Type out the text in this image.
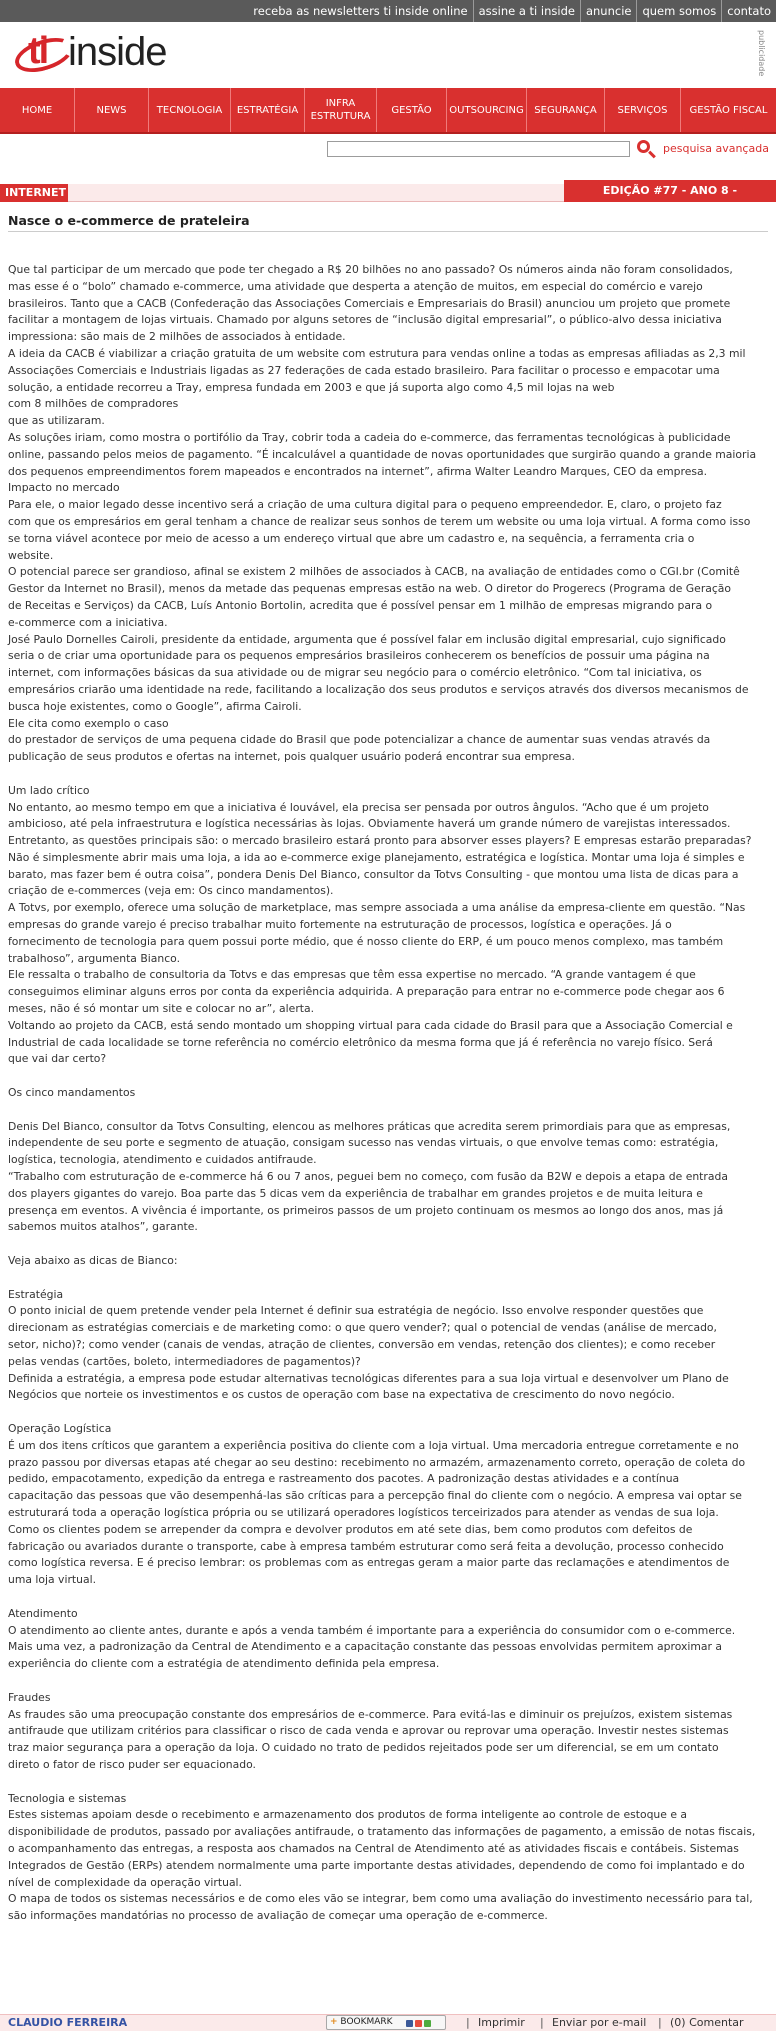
receba as newsletters ti inside online assine a ti inside anuncie quem somos contato
ti inside	publicidade
HOME	NEWS	TECNOLOGIA	ESTRATÉGIA
INFRA ESTRUTURA
GESTÃO	OUTSOURCING	SEGURANÇA	SERVIÇOS	GESTÃO FISCAL
pesquisa avançada
INTERNET	EDIÇÃO #77 - ANO 8 - MARÇO/2012
Nasce o e-commerce de prateleira

Que tal participar de um mercado que pode ter chegado a R$ 20 bilhões no ano passado? Os números ainda não foram consolidados,

mas esse é o “bolo” chamado e-commerce, uma atividade que desperta a atenção de muitos, em especial do comércio e varejo

brasileiros. Tanto que a CACB (Confederação das Associações Comerciais e Empresariais do Brasil) anunciou um projeto que promete

facilitar a montagem de lojas virtuais. Chamado por alguns setores de “inclusão digital empresarial”, o público-alvo dessa iniciativa

impressiona: são mais de 2 milhões de associados à entidade.

A ideia da CACB é viabilizar a criação gratuita de um website com estrutura para vendas online a todas as empresas afiliadas as 2,3 mil

Associações Comerciais e Industriais ligadas as 27 federações de cada estado brasileiro. Para facilitar o processo e empacotar uma

solução, a entidade recorreu a Tray, empresa fundada em 2003 e que já suporta algo como 4,5 mil lojas na web

com 8 milhões de compradores

que as utilizaram.

As soluções iriam, como mostra o portifólio da Tray, cobrir toda a cadeia do e-commerce, das ferramentas tecnológicas à publicidade

online, passando pelos meios de pagamento. “É incalculável a quantidade de novas oportunidades que surgirão quando a grande maioria

dos pequenos empreendimentos forem mapeados e encontrados na internet”, afirma Walter Leandro Marques, CEO da empresa.

Impacto no mercado

Para ele, o maior legado desse incentivo será a criação de uma cultura digital para o pequeno empreendedor. E, claro, o projeto faz

com que os empresários em geral tenham a chance de realizar seus sonhos de terem um website ou uma loja virtual. A forma como isso

se torna viável acontece por meio de acesso a um endereço virtual que abre um cadastro e, na sequência, a ferramenta cria o

website.

O potencial parece ser grandioso, afinal se existem 2 milhões de associados à CACB, na avaliação de entidades como o CGI.br (Comitê

Gestor da Internet no Brasil), menos da metade das pequenas empresas estão na web. O diretor do Progerecs (Programa de Geração

de Receitas e Serviços) da CACB, Luís Antonio Bortolin, acredita que é possível pensar em 1 milhão de empresas migrando para o

e-commerce com a iniciativa.

José Paulo Dornelles Cairoli, presidente da entidade, argumenta que é possível falar em inclusão digital empresarial, cujo significado

seria o de criar uma oportunidade para os pequenos empresários brasileiros conhecerem os benefícios de possuir uma página na

internet, com informações básicas da sua atividade ou de migrar seu negócio para o comércio eletrônico. “Com tal iniciativa, os

empresários criarão uma identidade na rede, facilitando a localização dos seus produtos e serviços através dos diversos mecanismos de

busca hoje existentes, como o Google”, afirma Cairoli.

Ele cita como exemplo o caso

do prestador de serviços de uma pequena cidade do Brasil que pode potencializar a chance de aumentar suas vendas através da

publicação de seus produtos e ofertas na internet, pois qualquer usuário poderá encontrar sua empresa.

Um lado crítico

No entanto, ao mesmo tempo em que a iniciativa é louvável, ela precisa ser pensada por outros ângulos. “Acho que é um projeto

ambicioso, até pela infraestrutura e logística necessárias às lojas. Obviamente haverá um grande número de varejistas interessados.

Entretanto, as questões principais são: o mercado brasileiro estará pronto para absorver esses players? E empresas estarão preparadas?

Não é simplesmente abrir mais uma loja, a ida ao e-commerce exige planejamento, estratégica e logística. Montar uma loja é simples e

barato, mas fazer bem é outra coisa”, pondera Denis Del Bianco, consultor da Totvs Consulting - que montou uma lista de dicas para a

criação de e-commerces (veja em: Os cinco mandamentos).

A Totvs, por exemplo, oferece uma solução de marketplace, mas sempre associada a uma análise da empresa-cliente em questão. “Nas

empresas do grande varejo é preciso trabalhar muito fortemente na estruturação de processos, logística e operações. Já o

fornecimento de tecnologia para quem possui porte médio, que é nosso cliente do ERP, é um pouco menos complexo, mas também

trabalhoso”, argumenta Bianco.

Ele ressalta o trabalho de consultoria da Totvs e das empresas que têm essa expertise no mercado. “A grande vantagem é que

conseguimos eliminar alguns erros por conta da experiência adquirida. A preparação para entrar no e-commerce pode chegar aos 6

meses, não é só montar um site e colocar no ar”, alerta.

Voltando ao projeto da CACB, está sendo montado um shopping virtual para cada cidade do Brasil para que a Associação Comercial e

Industrial de cada localidade se torne referência no comércio eletrônico da mesma forma que já é referência no varejo físico. Será

que vai dar certo?

Os cinco mandamentos

Denis Del Bianco, consultor da Totvs Consulting, elencou as melhores práticas que acredita serem primordiais para que as empresas,

independente de seu porte e segmento de atuação, consigam sucesso nas vendas virtuais, o que envolve temas como: estratégia,

logística, tecnologia, atendimento e cuidados antifraude.

“Trabalho com estruturação de e-commerce há 6 ou 7 anos, peguei bem no começo, com fusão da B2W e depois a etapa de entrada

dos players gigantes do varejo. Boa parte das 5 dicas vem da experiência de trabalhar em grandes projetos e de muita leitura e

presença em eventos. A vivência é importante, os primeiros passos de um projeto continuam os mesmos ao longo dos anos, mas já

sabemos muitos atalhos”, garante.

Veja abaixo as dicas de Bianco:

Estratégia

O ponto inicial de quem pretende vender pela Internet é definir sua estratégia de negócio. Isso envolve responder questões que

direcionam as estratégias comerciais e de marketing como: o que quero vender?; qual o potencial de vendas (análise de mercado,

setor, nicho)?; como vender (canais de vendas, atração de clientes, conversão em vendas, retenção dos clientes); e como receber

pelas vendas (cartões, boleto, intermediadores de pagamentos)?

Definida a estratégia, a empresa pode estudar alternativas tecnológicas diferentes para a sua loja virtual e desenvolver um Plano de

Negócios que norteie os investimentos e os custos de operação com base na expectativa de crescimento do novo negócio.

Operação Logística

É um dos itens críticos que garantem a experiência positiva do cliente com a loja virtual. Uma mercadoria entregue corretamente e no

prazo passou por diversas etapas até chegar ao seu destino: recebimento no armazém, armazenamento correto, operação de coleta do

pedido, empacotamento, expedição da entrega e rastreamento dos pacotes. A padronização destas atividades e a contínua

capacitação das pessoas que vão desempenhá-las são críticas para a percepção final do cliente com o negócio. A empresa vai optar se

estruturará toda a operação logística própria ou se utilizará operadores logísticos terceirizados para atender as vendas de sua loja.

Como os clientes podem se arrepender da compra e devolver produtos em até sete dias, bem como produtos com defeitos de

fabricação ou avariados durante o transporte, cabe à empresa também estruturar como será feita a devolução, processo conhecido

como logística reversa. E é preciso lembrar: os problemas com as entregas geram a maior parte das reclamações e atendimentos de

uma loja virtual.

Atendimento

O atendimento ao cliente antes, durante e após a venda também é importante para a experiência do consumidor com o e-commerce.

Mais uma vez, a padronização da Central de Atendimento e a capacitação constante das pessoas envolvidas permitem aproximar a

experiência do cliente com a estratégia de atendimento definida pela empresa.

Fraudes

As fraudes são uma preocupação constante dos empresários de e-commerce. Para evitá-las e diminuir os prejuízos, existem sistemas

antifraude que utilizam critérios para classificar o risco de cada venda e aprovar ou reprovar uma operação. Investir nestes sistemas

traz maior segurança para a operação da loja. O cuidado no trato de pedidos rejeitados pode ser um diferencial, se em um contato

direto o fator de risco puder ser equacionado.

Tecnologia e sistemas

Estes sistemas apoiam desde o recebimento e armazenamento dos produtos de forma inteligente ao controle de estoque e a

disponibilidade de produtos, passado por avaliações antifraude, o tratamento das informações de pagamento, a emissão de notas fiscais,

o acompanhamento das entregas, a resposta aos chamados na Central de Atendimento até as atividades fiscais e contábeis. Sistemas

Integrados de Gestão (ERPs) atendem normalmente uma parte importante destas atividades, dependendo de como foi implantado e do

nível de complexidade da operação virtual.

O mapa de todos os sistemas necessários e de como eles vão se integrar, bem como uma avaliação do investimento necessário para tal,

são informações mandatórias no processo de avaliação de começar uma operação de e-commerce.

CLAUDIO FERREIRA	+ BOOKMARK	| Imprimir | Enviar por e-mail | (0) Comentar
